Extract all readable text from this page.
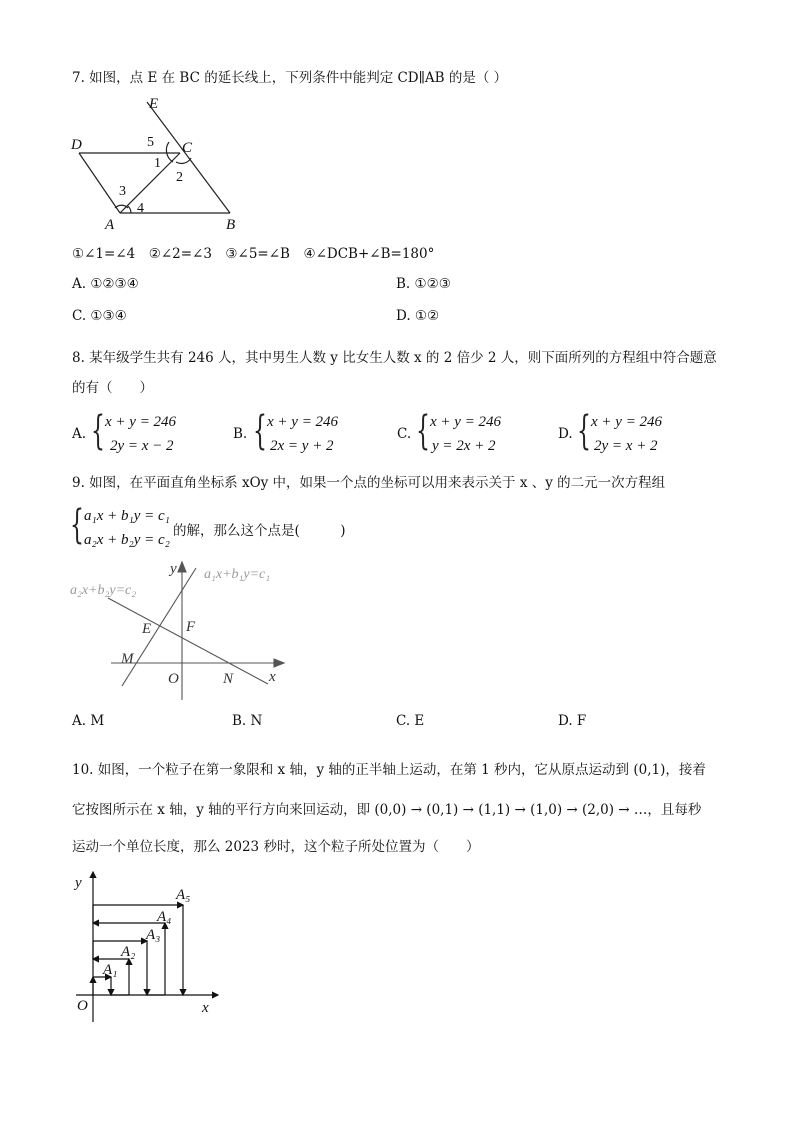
7. 如图，点 E 在 BC 的延长线上，下列条件中能判定 CD∥AB 的是（ ）
E
D	C
A	B
5
1
2
3
4
①∠1=∠4　②∠2=∠3　③∠5=∠B　④∠DCB+∠B=180°
A. ①②③④	B. ①②③
C. ①③④	D. ①②
8. 某年级学生共有 246 人，其中男生人数 y 比女生人数 x 的 2 倍少 2 人，则下面所列的方程组中符合题意
的有（　　）
A. { x + y = 246
2y = x − 2
B. { x + y = 246
2x = y + 2
C. { x + y = 246
y = 2x + 2
D. { x + y = 246
2y = x + 2
9. 如图，在平面直角坐标系 xOy 中，如果一个点的坐标可以用来表示关于 x 、y 的二元一次方程组
{ a₁x + b₁y = c₁
a₂x + b₂y = c₂
的解，那么这个点是(　　　)
y
x
O
E F
M
N
a₁x+b₁y=c₁
a₂x+b₂y=c₂
A. M	B. N	C. E	D. F
10. 如图，一个粒子在第一象限和 x 轴，y 轴的正半轴上运动，在第 1 秒内，它从原点运动到 (0,1)，接着
它按图所示在 x 轴，y 轴的平行方向来回运动，即 (0,0) → (0,1) → (1,1) → (1,0) → (2,0) → …，且每秒
运动一个单位长度，那么 2023 秒时，这个粒子所处位置为（　　）
y
x
O
A₁
A₂
A₃
A₄
A₅
